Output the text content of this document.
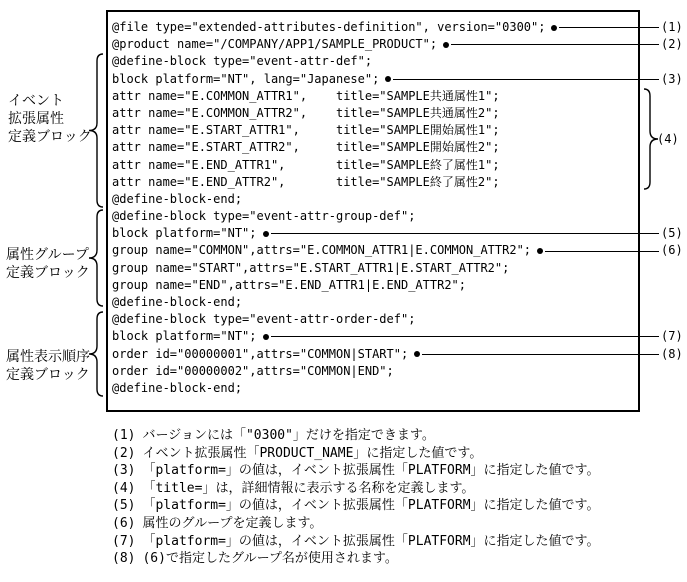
@file type="extended-attributes-definition", version="0300";	(1)
@product name="/COMPANY/APP1/SAMPLE_PRODUCT";	(2)
@define-block type="event-attr-def";
block platform="NT", lang="Japanese";	(3)
attr name="E.COMMON_ATTR1",    title="SAMPLE共通属性1";
attr name="E.COMMON_ATTR2",    title="SAMPLE共通属性2";
attr name="E.START_ATTR1",     title="SAMPLE開始属性1";
attr name="E.START_ATTR2",     title="SAMPLE開始属性2";
attr name="E.END_ATTR1",       title="SAMPLE終了属性1";
attr name="E.END_ATTR2",       title="SAMPLE終了属性2";
@define-block-end;
@define-block type="event-attr-group-def";
block platform="NT";	(5)
group name="COMMON",attrs="E.COMMON_ATTR1|E.COMMON_ATTR2";	(6)
group name="START",attrs="E.START_ATTR1|E.START_ATTR2";
group name="END",attrs="E.END_ATTR1|E.END_ATTR2";
@define-block-end;
@define-block type="event-attr-order-def";
block platform="NT";	(7)
order id="00000001",attrs="COMMON|START";	(8)
order id="00000002",attrs="COMMON|END";
@define-block-end;
イベント
拡張属性
定義ブロック
属性グループ
定義ブロック
属性表示順序
定義ブロック
(4)
(1) バージョンには「"0300"」だけを指定できます。
(2) イベント拡張属性「PRODUCT_NAME」に指定した値です。
(3) 「platform=」の値は，イベント拡張属性「PLATFORM」に指定した値です。
(4) 「title=」は，詳細情報に表示する名称を定義します。
(5) 「platform=」の値は，イベント拡張属性「PLATFORM」に指定した値です。
(6) 属性のグループを定義します。
(7) 「platform=」の値は，イベント拡張属性「PLATFORM」に指定した値です。
(8) (6)で指定したグループ名が使用されます。
